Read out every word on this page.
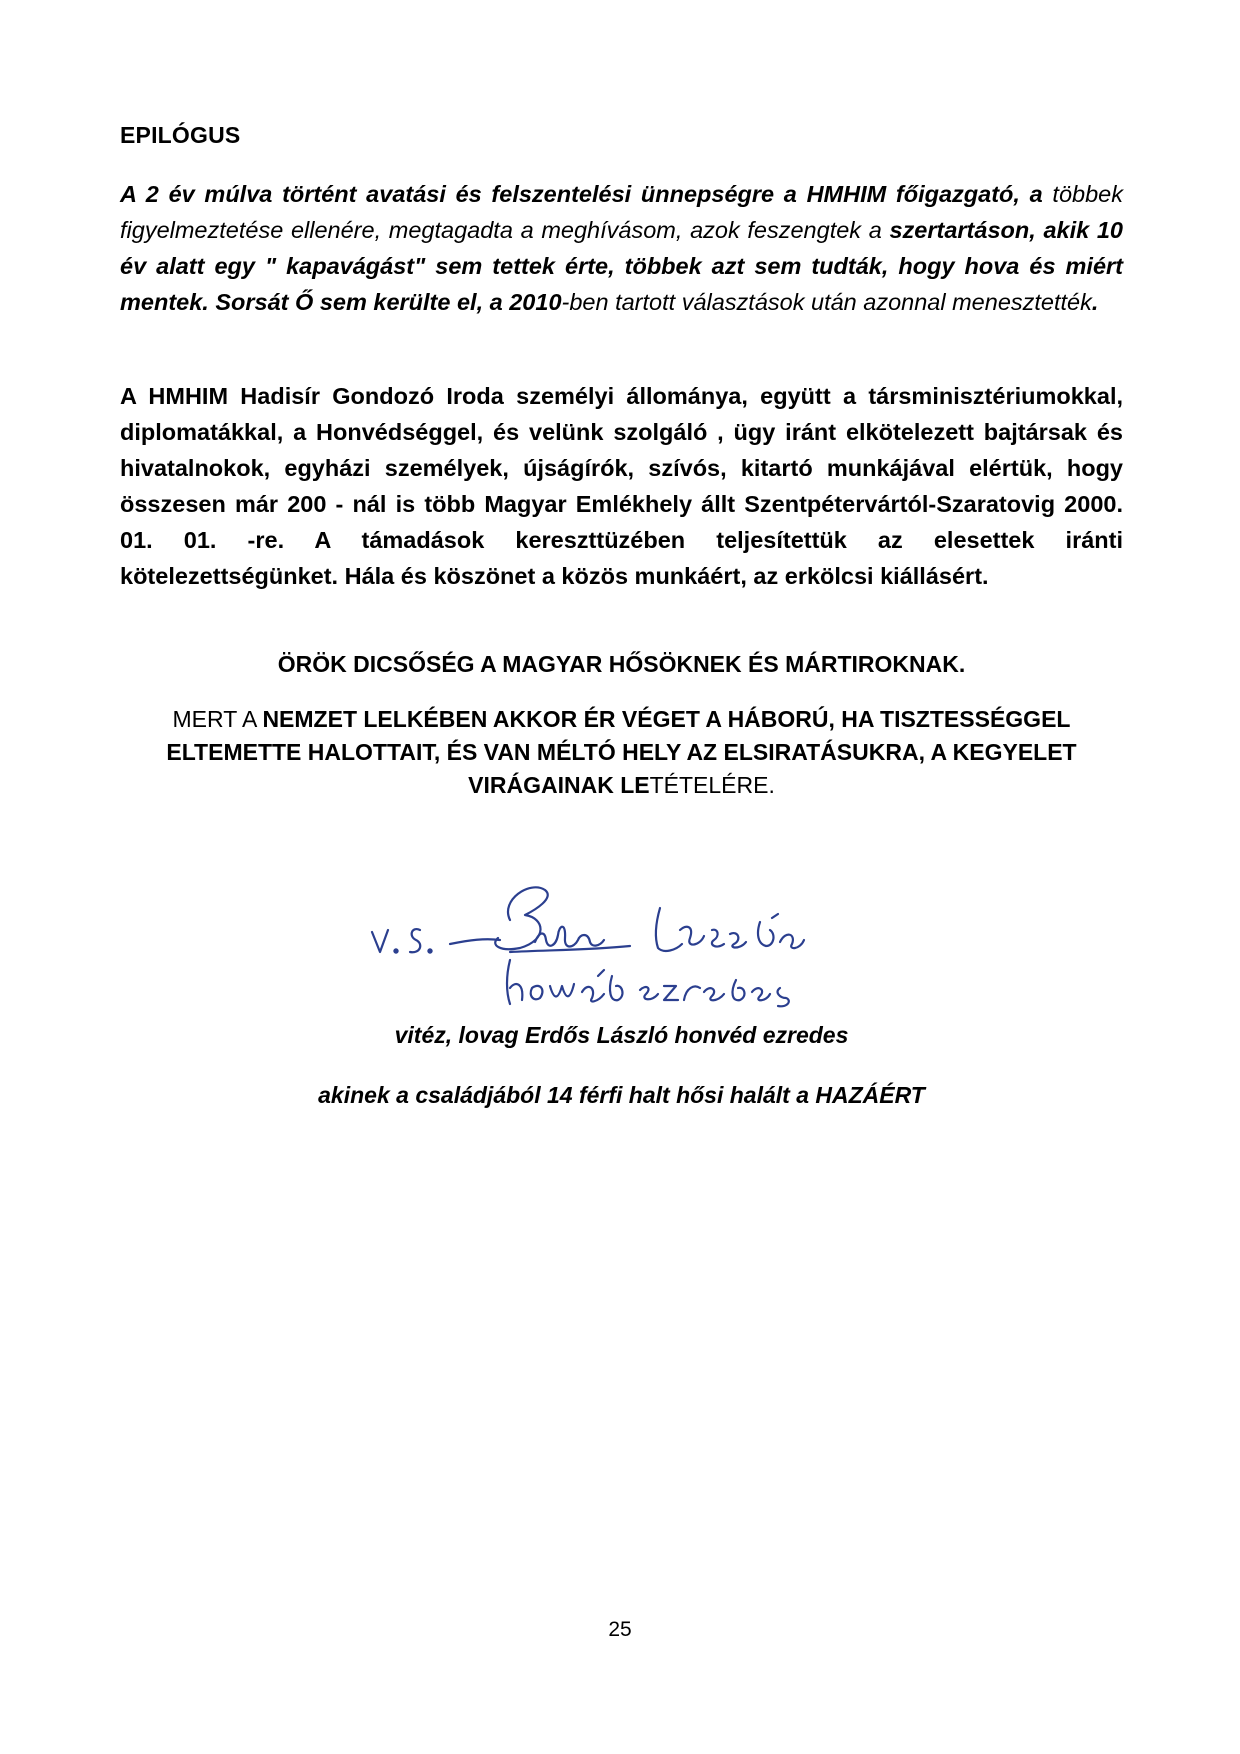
EPILÓGUS
A 2 év múlva történt avatási és felszentelési ünnepségre a HMHIM főigazgató, a többek figyelmeztetése ellenére, megtagadta a meghívásom, azok feszengtek a szertartáson, akik 10 év alatt egy " kapavágást" sem tettek érte, többek azt sem tudták, hogy hova és miért mentek. Sorsát Ő sem kerülte el, a 2010-ben tartott választások után azonnal menesztették.
A HMHIM Hadisír Gondozó Iroda személyi állománya, együtt a társminisztériumokkal, diplomatákkal, a Honvédséggel, és velünk szolgáló , ügy iránt elkötelezett bajtársak és hivatalnokok, egyházi személyek, újságírók, szívós, kitartó munkájával elértük, hogy összesen már 200 - nál is több Magyar Emlékhely állt Szentpétervártól-Szaratovig 2000. 01. 01. -re. A támadások kereszttüzében teljesítettük az elesettek iránti kötelezettségünket. Hála és köszönet a közös munkáért, az erkölcsi kiállásért.
ÖRÖK DICSŐSÉG A MAGYAR HŐSÖKNEK ÉS MÁRTIROKNAK.
MERT A NEMZET LELKÉBEN AKKOR ÉR VÉGET A HÁBORÚ, HA TISZTESSÉGGEL ELTEMETTE HALOTTAIT, ÉS VAN MÉLTÓ HELY AZ ELSIRATÁSUKRA, A KEGYELET VIRÁGAINAK LETÉTELÉRE.
vitéz, lovag Erdős László honvéd ezredes
akinek a családjából 14 férfi halt hősi halált a HAZÁÉRT
25
